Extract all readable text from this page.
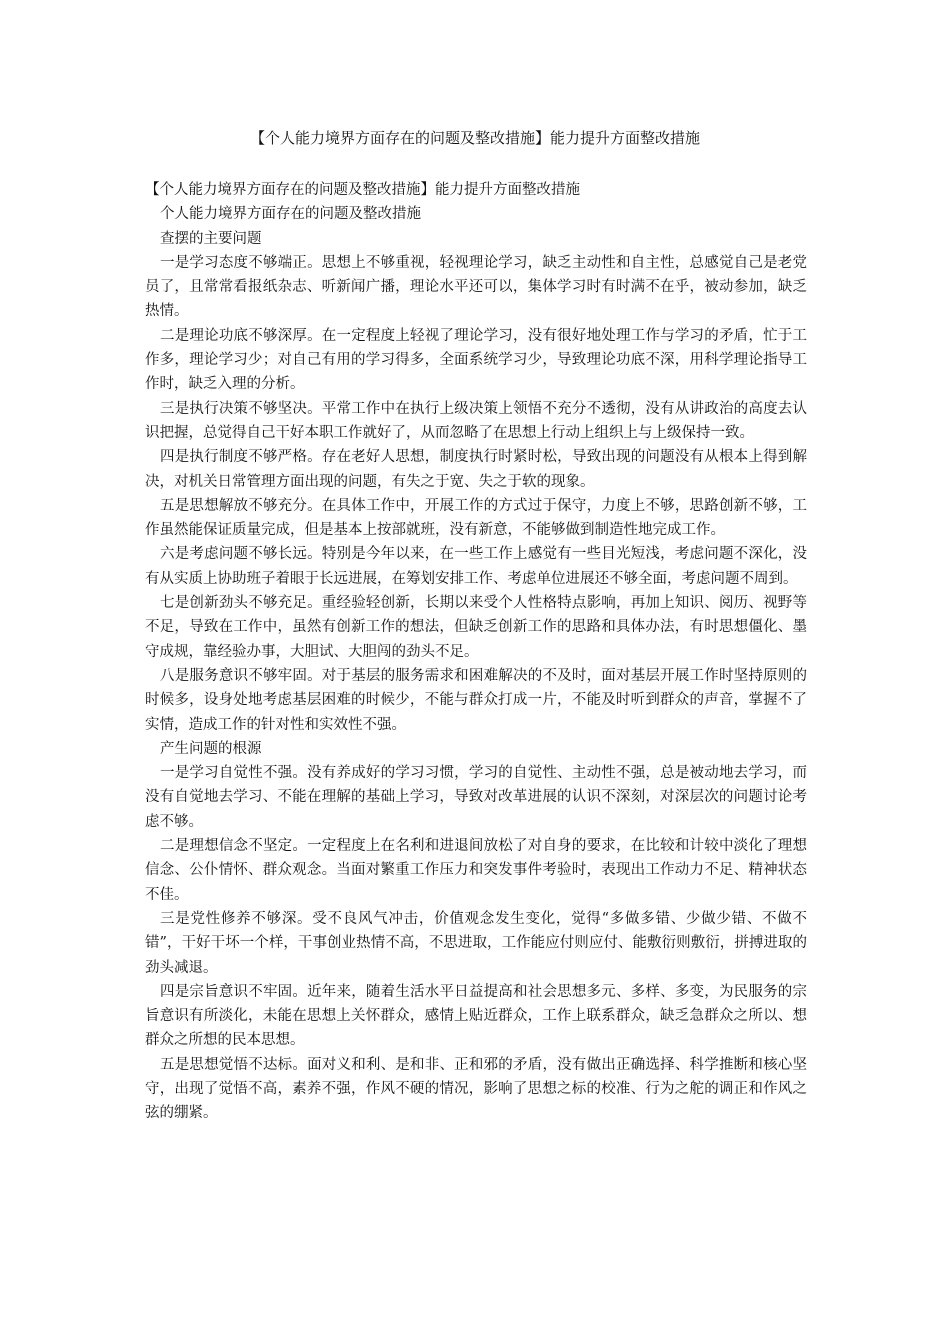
【个人能力境界方面存在的问题及整改措施】能力提升方面整改措施
【个人能力境界方面存在的问题及整改措施】能力提升方面整改措施
个人能力境界方面存在的问题及整改措施
查摆的主要问题
一是学习态度不够端正。思想上不够重视，轻视理论学习，缺乏主动性和自主性，总感觉自己是老党员了，且常常看报纸杂志、听新闻广播，理论水平还可以，集体学习时有时满不在乎，被动参加，缺乏热情。
二是理论功底不够深厚。在一定程度上轻视了理论学习，没有很好地处理工作与学习的矛盾，忙于工作多，理论学习少；对自己有用的学习得多，全面系统学习少，导致理论功底不深，用科学理论指导工作时，缺乏入理的分析。
三是执行决策不够坚决。平常工作中在执行上级决策上领悟不充分不透彻，没有从讲政治的高度去认识把握，总觉得自己干好本职工作就好了，从而忽略了在思想上行动上组织上与上级保持一致。
四是执行制度不够严格。存在老好人思想，制度执行时紧时松，导致出现的问题没有从根本上得到解决，对机关日常管理方面出现的问题，有失之于宽、失之于软的现象。
五是思想解放不够充分。在具体工作中，开展工作的方式过于保守，力度上不够，思路创新不够，工作虽然能保证质量完成，但是基本上按部就班，没有新意，不能够做到制造性地完成工作。
六是考虑问题不够长远。特别是今年以来，在一些工作上感觉有一些目光短浅，考虑问题不深化，没有从实质上协助班子着眼于长远进展，在筹划安排工作、考虑单位进展还不够全面，考虑问题不周到。
七是创新劲头不够充足。重经验轻创新，长期以来受个人性格特点影响，再加上知识、阅历、视野等不足，导致在工作中，虽然有创新工作的想法，但缺乏创新工作的思路和具体办法，有时思想僵化、墨守成规，靠经验办事，大胆试、大胆闯的劲头不足。
八是服务意识不够牢固。对于基层的服务需求和困难解决的不及时，面对基层开展工作时坚持原则的时候多，设身处地考虑基层困难的时候少，不能与群众打成一片，不能及时听到群众的声音，掌握不了实情，造成工作的针对性和实效性不强。
产生问题的根源
一是学习自觉性不强。没有养成好的学习习惯，学习的自觉性、主动性不强，总是被动地去学习，而没有自觉地去学习、不能在理解的基础上学习，导致对改革进展的认识不深刻，对深层次的问题讨论考虑不够。
二是理想信念不坚定。一定程度上在名利和进退间放松了对自身的要求，在比较和计较中淡化了理想信念、公仆情怀、群众观念。当面对繁重工作压力和突发事件考验时，表现出工作动力不足、精神状态不佳。
三是党性修养不够深。受不良风气冲击，价值观念发生变化，觉得“多做多错、少做少错、不做不错”，干好干坏一个样，干事创业热情不高，不思进取，工作能应付则应付、能敷衍则敷衍，拼搏进取的劲头减退。
四是宗旨意识不牢固。近年来，随着生活水平日益提高和社会思想多元、多样、多变，为民服务的宗旨意识有所淡化，未能在思想上关怀群众，感情上贴近群众，工作上联系群众，缺乏急群众之所以、想群众之所想的民本思想。
五是思想觉悟不达标。面对义和利、是和非、正和邪的矛盾，没有做出正确选择、科学推断和核心坚守，出现了觉悟不高，素养不强，作风不硬的情况，影响了思想之标的校准、行为之舵的调正和作风之弦的绷紧。
